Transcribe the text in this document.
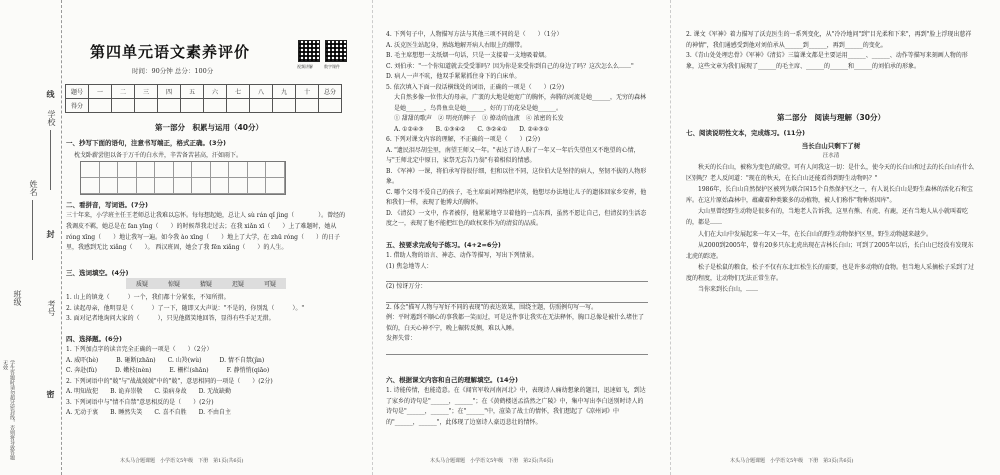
学校
姓名
班级
考号
线
封
密
学生答题时请勿超过密封线，否则将导致答题无效
第四单元语文素养评价
视频讲解	数字课件
时间：90分钟 总分：100分
题号	一	二	三	四	五	六	七	八	九	十	总分
得分											
第一部分　积累与运用（40分）
一、抄写下面的语句，注意书写端正，格式正确。(3分)
枕戈卧薪尝胆以备于万千的白水井，辛苦备苦甚高，汗如雨下。
二、看拼音，写词语。(7分)
三十年来，小学班主任王老师总让我难以忘怀。每每想起她，总让人 sù rán qǐ jìng（　　　　）。曾经的我调皮不羁，她总是在 fan yīng（　　）的时候帮我走过去；在我 xiǎn xī（　　）上了难题时，她从 róng xīng（　　）地让我写一遍。如今我 ào xīng（　　）地上了大学，在 zhū róng（　　）的日子里，我感到无比 xiǎng（　　）。 西汉班固，她会了我 fēn xiǎng（　　）的人生。
三、选词填空。(4分)
质疑	惊疑	猜疑	迟疑	可疑
1. 山上的镇龙（　　　）一个，我们都十分紧张，不知所措。
2. 读起母亲，他明显是（　　　）了一下，随即又大声说："不是的，你别乱（　　　）。"
3. 面对记者地询问大家的（　　　），只见他微笑地回答，显得有些手足无措。
四、选择题。(6分)
1. 下列加点字的读音完全正确的一项是（　　）（2分）
A. 威吓(hè)　　　B. 砸断(zhān)　　C. 山羚(wù)　　　D. 情不自禁(jìn)
C. 奔赴(fù)　　　D. 嫩枝(nèn)　　　E. 栅栏(shān)　　　F. 静悄悄(qiāo)
2. 下列词语中的"兢"与"战战兢兢"中的"兢"，意思相同的一项是（　　）(2分)
A. 明知故犯　　B. 诡弃崇敬　　C. 染病身故　　D. 无故缺勤
3. 下列词语中与"情不自禁"意思相反的是（　　）(2分)
A. 无动于衷　　B. 睡然失笑　　C. 喜不自胜　　D. 不由自主
木头马合题课题　小学语文5年级　下册　第1页(共6页)
4. 下列句子中，人物描写方法与其他三项不同的是（　　）（1分）
A. 沃克医生站起身，熟练地解开病人右眼上的绷带。
B. 毛主席想想一支纸烟一句话，只是一支接着一支地吸着烟。
C. 刘伯承："一个你知道就去受受罪吗？因为你是来受你到自己的身边了吗？这次怎么么……"
D. 病人一声不吭，他双手紧紧抓住身下的白床单。
5. 依次填入下面一段话横线处的词语，正确的一项是（　　）(2分)
大自然多像一位伟大的母亲，广袤的大地是她宽广的胸怀，奔腾的河流是她______，无穷的森林是她______，鸟兽鱼虫是她______，好的丁的花朵是她______。
① 甜甜的歌声　② 明亮的眸子　③ 撩动的血液　④ 浓密的长发
A. ①②④③　　B. ①③④②　　C. ③②④①　　D. ②④③①
6. 下列对课文内容的理解，不正确的一项是（　　）(2分)
A. "遗民泪尽胡尘里，南望王师又一年。"表达了诗人盼了一年又一年后失望但又不绝望的心情，与"王师北定中原日，家祭无忘告乃翁"有着相似的情感。
B. 《军神》一课，将伯承写得很仔细，但和以往不同，这位伯大是坚持的病人，坚韧不拔的人物形象。
C. 哪个父母不爱自己的孩子，毛主席面对网络把岸英，他想尽办法地让儿子的遗体回家乡安葬，他和我们一样，表现了他博大的胸怀。
D. 《清贫》一文中，作者被俘，他紧紧地守卫着他的一点东西，虽然不愿让自己，但清贫的生活态度之一，表现了他不能把红色的政权来作为的清贫的品质。
五、按要求完成句子练习。(4+2=6分)
1. 借助人物的语言、神态、动作等描写，写出下列情景。
(1) 焦急地等人：
(2) 惊讶万分：
2. 体会"描写人物与写好不同的表现"的表达效果，围绕主题，仿照例句写一写。
例：平时遇到不顺心的事我都一笑而过，可是这件事让我实在无法释怀，胸口总像是被什么堵住了似的，白天心神不宁，晚上辗转反侧，难以入睡。
发挥失常：
六、根据课文内容和自己的理解填空。(14分)
1. 诗能传情，也能造意。在《闻官军收河南河北》中，表现诗人痛幼想象的题目，迅速如飞，到达了家乡的诗句是"______，______"；在《黄鹤楼送孟浩然之广陵》中，集中写出李白送别时诗人的诗句是"______，______"；在"______"中，渲染了战士的情怀，我们想起了《凉州词》中的"______，______"，此体现了边塞诗人豪迈悲壮的情怀。
木头马合题课题　小学语文5年级　下册　第2页(共6页)
2. 课文《军神》着力描写了沃克医生的一系列变化，从"冷冷地问"到"目光柔和下来"，再到"脸上浮现出慈祥的神情"，我们通感受到他对刘伯承从______到______，再到______的变化。
3.《青山处处埋忠骨》《军神》《清贫》三篇课文都是主要运用______、______、动作等描写来刻画人物的形象，这些文章为我们展现了______的毛主席、______的______和______的刘伯承的形象。
第二部分　阅读与理解（30分）
七、阅读说明性文本，完成练习。(11分)
当长白山只剩下了树
汪水清

秋天的长白山，被称为变色的殿堂。可有人问我这一切：是什么，使今天的长白山和过去的长白山有什么区别呢？老人反问道："现在的秋天，在长白山还能看得到野生动物吗？"

1986年，长白山自然保护区被列为联合国15个自然保护区之一，有人说长白山是野生森林的活化石和宝库。在这片原始森林中，蕴藏着种类繁多的动植物，被人们称作"物种基因库"。

大山里曾经野生动物是很多有的，当地老人告诉我，这里有熊、有虎、有鹿，还有当地人从小就叫着吃的，都是……

人们在大山中发展起来一年又一年，在长白山的野生动物保护区里，野生动物越来越少。

从2000到2005年，曾有20多只东北虎出现在吉林长白山；可到了2005年以后，长白山已经没有发现东北虎的踪迹。

松子是松鼠的粮食，松子不仅有东北红松生长的需要，也是许多动物的食物。但当地人采摘松子采到了过度的程度，让动物们无法正常生存。

当你来到长白山，……

木头马合题课题　小学语文5年级　下册　第3页(共6页)
